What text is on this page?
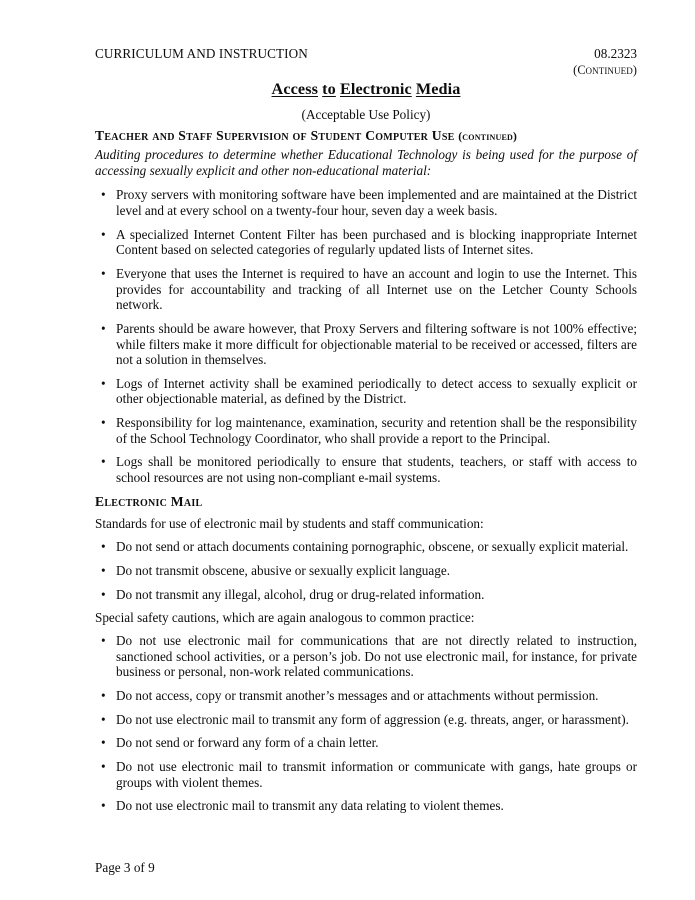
CURRICULUM AND INSTRUCTION	08.2323
(Continued)
Access to Electronic Media
(Acceptable Use Policy)
Teacher and Staff Supervision of Student Computer Use (continued)

Auditing procedures to determine whether Educational Technology is being used for the purpose of accessing sexually explicit and other non-educational material:

• Proxy servers with monitoring software have been implemented and are maintained at the District level and at every school on a twenty-four hour, seven day a week basis.
• A specialized Internet Content Filter has been purchased and is blocking inappropriate Internet Content based on selected categories of regularly updated lists of Internet sites.
• Everyone that uses the Internet is required to have an account and login to use the Internet. This provides for accountability and tracking of all Internet use on the Letcher County Schools network.
• Parents should be aware however, that Proxy Servers and filtering software is not 100% effective; while filters make it more difficult for objectionable material to be received or accessed, filters are not a solution in themselves.
• Logs of Internet activity shall be examined periodically to detect access to sexually explicit or other objectionable material, as defined by the District.
• Responsibility for log maintenance, examination, security and retention shall be the responsibility of the School Technology Coordinator, who shall provide a report to the Principal.
• Logs shall be monitored periodically to ensure that students, teachers, or staff with access to school resources are not using non-compliant e-mail systems.
Electronic Mail

Standards for use of electronic mail by students and staff communication:

• Do not send or attach documents containing pornographic, obscene, or sexually explicit material.
• Do not transmit obscene, abusive or sexually explicit language.
• Do not transmit any illegal, alcohol, drug or drug-related information.

Special safety cautions, which are again analogous to common practice:

• Do not use electronic mail for communications that are not directly related to instruction, sanctioned school activities, or a person’s job. Do not use electronic mail, for instance, for private business or personal, non-work related communications.
• Do not access, copy or transmit another’s messages and or attachments without permission.
• Do not use electronic mail to transmit any form of aggression (e.g. threats, anger, or harassment).
• Do not send or forward any form of a chain letter.
• Do not use electronic mail to transmit information or communicate with gangs, hate groups or groups with violent themes.
• Do not use electronic mail to transmit any data relating to violent themes.
Page 3 of 9
